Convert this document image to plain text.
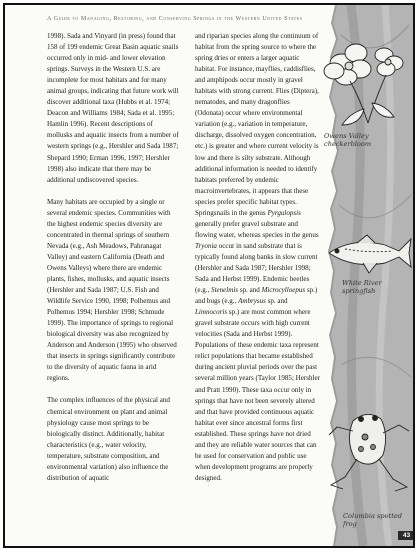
A Guide to Managing, Restoring, and Conserving Springs in the Western United States

1998). Sada and Vinyard (in press) found that 158 of 199 endemic Great Basin aquatic snails occurred only in mid- and lower elevation springs. Surveys in the Western U.S. are incomplete for most habitats and for many animal groups, indicating that future work will discover additional taxa (Hubbs et al. 1974; Deacon and Williams 1984; Sada et al. 1995; Hamlin 1996). Recent descriptions of mollusks and aquatic insects from a number of western springs (e.g., Hershler and Sada 1987; Shepard 1990; Erman 1996, 1997; Hershler 1998) also indicate that there may be additional undiscovered species.

Many habitats are occupied by a single or several endemic species. Communities with the highest endemic species diversity are concentrated in thermal springs of southern Nevada (e.g., Ash Meadows, Pahranagat Valley) and eastern California (Death and Owens Valleys) where there are endemic plants, fishes, mollusks, and aquatic insects (Hershler and Sada 1987; U.S. Fish and Wildlife Service 1990, 1998; Polhemus and Polhemus 1994; Hershler 1998; Schmude 1999). The importance of springs to regional biological diversity was also recognized by Anderson and Anderson (1995) who observed that insects in springs significantly contribute to the diversity of aquatic fauna in arid regions.

The complex influences of the physical and chemical environment on plant and animal physiology cause most springs to be biologically distinct. Additionally, habitat characteristics (e.g., water velocity, temperature, substrate composition, and environmental variation) also influence the distribution of aquatic

and riparian species along the continuum of habitat from the spring source to where the spring dries or enters a larger aquatic habitat. For instance, mayflies, caddisflies, and amphipods occur mostly in gravel habitats with strong current. Flies (Diptera), nematodes, and many dragonflies (Odonata) occur where environmental variation (e.g., variation in temperature, discharge, dissolved oxygen concentration, etc.) is greater and where current velocity is low and there is silty substrate. Although additional information is needed to identify habitats preferred by endemic macroinvertebrates, it appears that these species prefer specific habitat types. Springsnails in the genus Pyrgulopsis generally prefer gravel substrate and flowing water, whereas species in the genus Tryonia occur in sand substrate that is typically found along banks in slow current (Hershler and Sada 1987; Hershler 1998; Sada and Herbst 1999). Endemic beetles (e.g., Stenelmis sp. and Microcylloepus sp.) and bugs (e.g., Ambrysus sp. and Limnocoris sp.) are most common where gravel substrate occurs with high current velocities (Sada and Herbst 1999). Populations of these endemic taxa represent relict populations that became established during ancient pluvial periods over the past several million years (Taylor 1985; Hershler and Pratt 1990). These taxa occur only in springs that have not been severely altered and that have provided continuous aquatic habitat ever since ancestral forms first established. These springs have not dried and they are reliable water sources that can be used for conservation and public use when development programs are properly designed.

Owens Valley checkerbloom
White River springfish
Columbia spotted frog
43
